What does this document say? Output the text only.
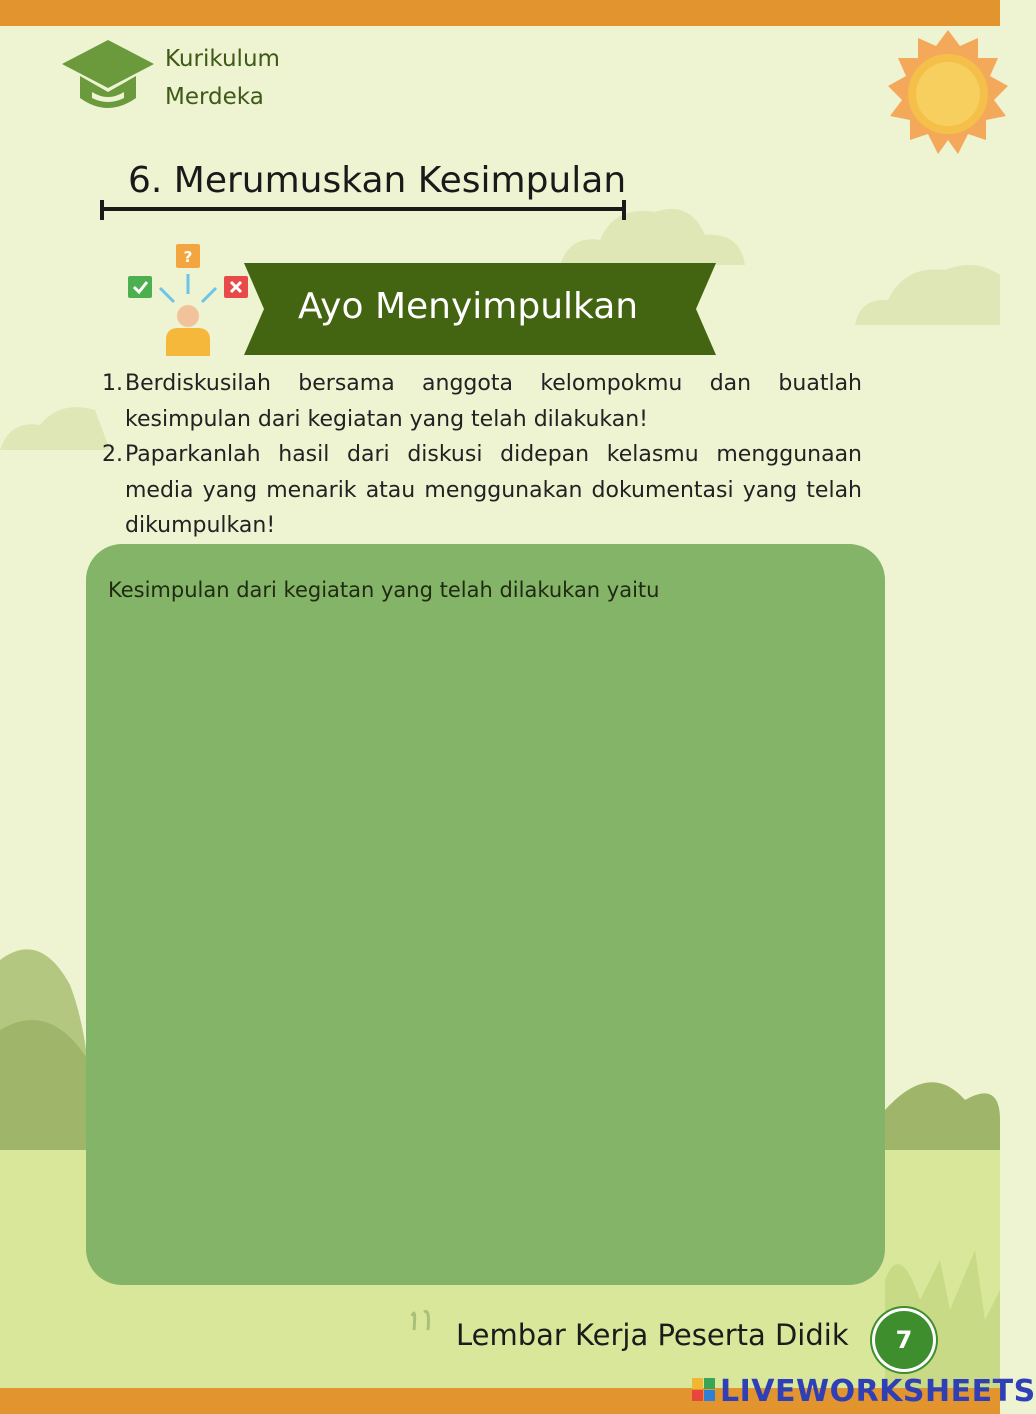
Kurikulum
Merdeka
6. Merumuskan Kesimpulan
?
Ayo Menyimpulkan
1. Berdiskusilah bersama anggota kelompokmu dan buatlah kesimpulan dari kegiatan yang telah dilakukan!
2. Paparkanlah hasil dari diskusi didepan kelasmu menggunaan media yang menarik atau menggunakan dokumentasi yang telah dikumpulkan!
Kesimpulan dari kegiatan yang telah dilakukan yaitu
Lembar Kerja Peserta Didik	7
LIVEWORKSHEETS
